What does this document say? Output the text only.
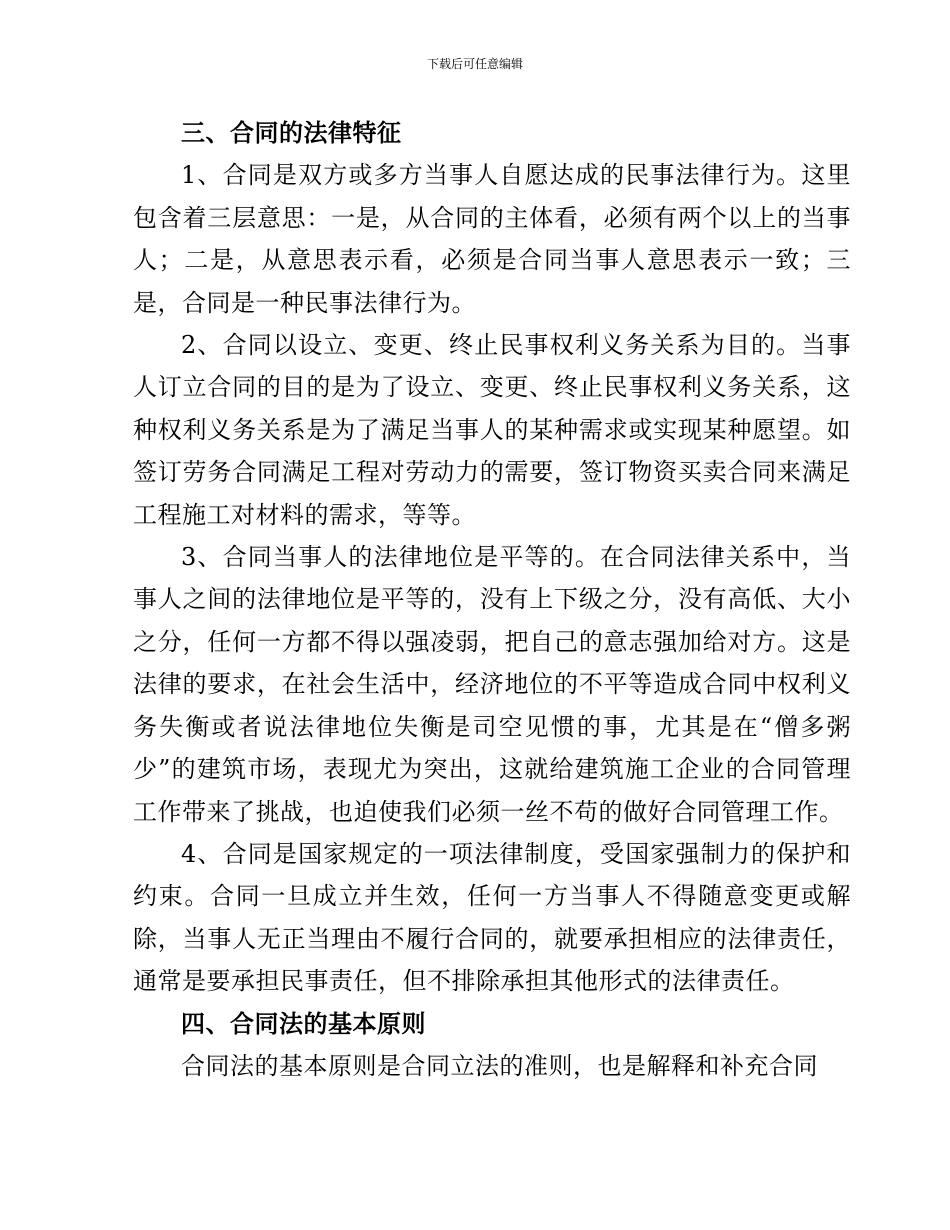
下载后可任意编辑
三、合同的法律特征

1、合同是双方或多方当事人自愿达成的民事法律行为。这里包含着三层意思：一是，从合同的主体看，必须有两个以上的当事人；二是，从意思表示看，必须是合同当事人意思表示一致；三是，合同是一种民事法律行为。

2、合同以设立、变更、终止民事权利义务关系为目的。当事人订立合同的目的是为了设立、变更、终止民事权利义务关系，这种权利义务关系是为了满足当事人的某种需求或实现某种愿望。如签订劳务合同满足工程对劳动力的需要，签订物资买卖合同来满足工程施工对材料的需求，等等。

3、合同当事人的法律地位是平等的。在合同法律关系中，当事人之间的法律地位是平等的，没有上下级之分，没有高低、大小之分，任何一方都不得以强凌弱，把自己的意志强加给对方。这是法律的要求，在社会生活中，经济地位的不平等造成合同中权利义务失衡或者说法律地位失衡是司空见惯的事，尤其是在“僧多粥少”的建筑市场，表现尤为突出，这就给建筑施工企业的合同管理工作带来了挑战，也迫使我们必须一丝不苟的做好合同管理工作。

4、合同是国家规定的一项法律制度，受国家强制力的保护和约束。合同一旦成立并生效，任何一方当事人不得随意变更或解除，当事人无正当理由不履行合同的，就要承担相应的法律责任，通常是要承担民事责任，但不排除承担其他形式的法律责任。

四、合同法的基本原则

合同法的基本原则是合同立法的准则，也是解释和补充合同
